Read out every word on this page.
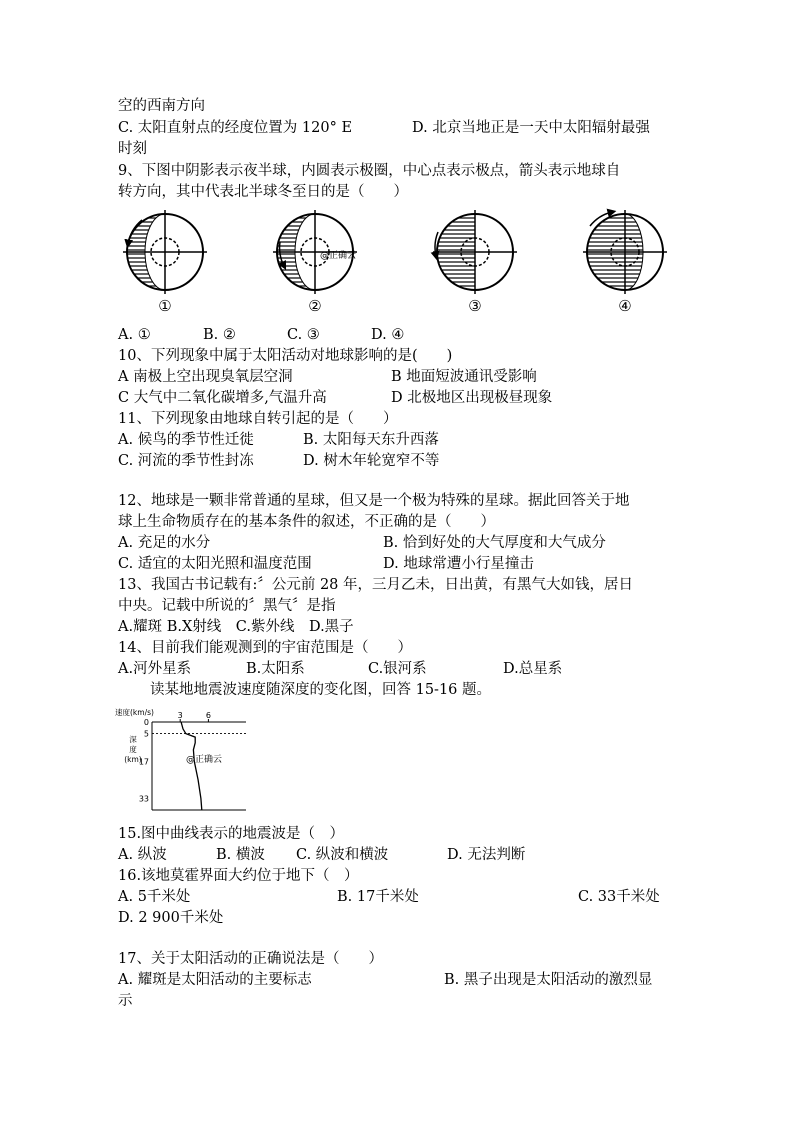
空的西南方向
C. 太阳直射点的经度位置为 120° E	D. 北京当地正是一天中太阳辐射最强
时刻
9、下图中阴影表示夜半球，内圆表示极圈，中心点表示极点，箭头表示地球自
转方向，其中代表北半球冬至日的是（　　）
@正确云
①	②	③	④
A. ①	B. ②	C. ③	D. ④
10、下列现象中属于太阳活动对地球影响的是(　　)
A 南极上空出现臭氧层空洞	B 地面短波通讯受影响
C 大气中二氧化碳增多,气温升高	D 北极地区出现极昼现象
11、下列现象由地球自转引起的是（　　）
A. 候鸟的季节性迁徙	B. 太阳每天东升西落
C. 河流的季节性封冻	D. 树木年轮宽窄不等
12、地球是一颗非常普通的星球，但又是一个极为特殊的星球。据此回答关于地
球上生命物质存在的基本条件的叙述，不正确的是（　　）
A. 充足的水分	B. 恰到好处的大气厚度和大气成分
C. 适宜的太阳光照和温度范围	D. 地球常遭小行星撞击
13、我国古书记载有:〞公元前 28 年，三月乙未，日出黄，有黑气大如钱，居日
中央。记载中所说的〞黑气〞是指
A.耀斑 B.X射线　C.紫外线　D.黑子
14、目前我们能观测到的宇宙范围是（　　）
A.河外星系	B.太阳系	C.银河系	D.总星系
读某地地震波速度随深度的变化图，回答 15-16 题。
速度(km/s)
深
度
(km)
3	6
0
5
17
33
@正确云
15.图中曲线表示的地震波是（　）
A. 纵波	B. 横波 C. 纵波和横波	D. 无法判断
16.该地莫霍界面大约位于地下（　）
A. 5千米处	B. 17千米处	C. 33千米处
D. 2 900千米处
17、关于太阳活动的正确说法是（　　）
A. 耀斑是太阳活动的主要标志	B. 黑子出现是太阳活动的激烈显
示
